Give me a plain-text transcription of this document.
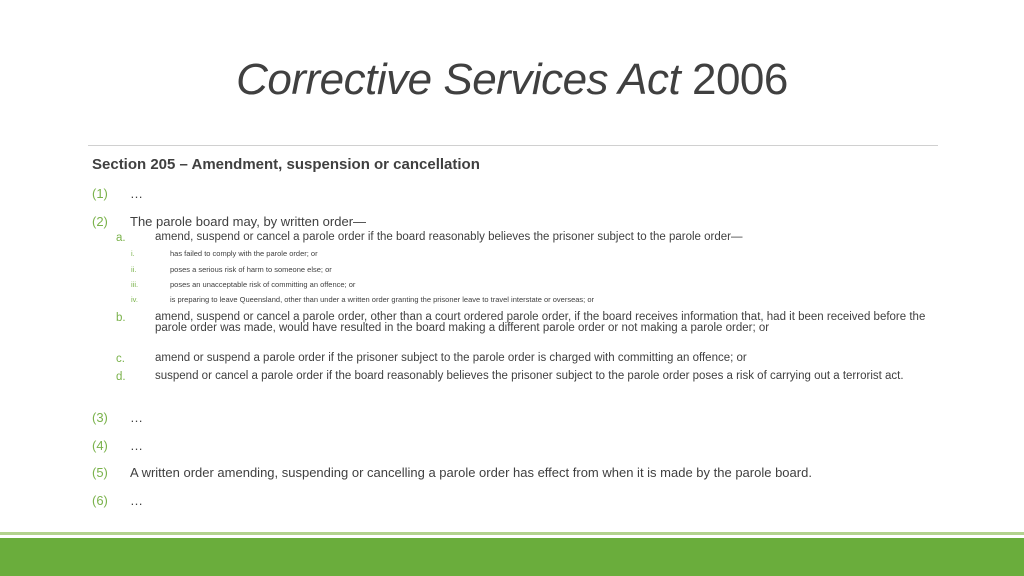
Corrective Services Act 2006
Section 205 – Amendment, suspension or cancellation
(1) …
(2) The parole board may, by written order—
a.	amend, suspend or cancel a parole order if the board reasonably believes the prisoner subject to the parole order—
i.	has failed to comply with the parole order; or
ii.	poses a serious risk of harm to someone else; or
iii.	poses an unacceptable risk of committing an offence; or
iv.	is preparing to leave Queensland, other than under a written order granting the prisoner leave to travel interstate or overseas; or
b.	amend, suspend or cancel a parole order, other than a court ordered parole order, if the board receives information that, had it been received before the parole order was made, would have resulted in the board making a different parole order or not making a parole order; or
c.	amend or suspend a parole order if the prisoner subject to the parole order is charged with committing an offence; or
d.	suspend or cancel a parole order if the board reasonably believes the prisoner subject to the parole order poses a risk of carrying out a terrorist act.
(3) …
(4) …
(5) A written order amending, suspending or cancelling a parole order has effect from when it is made by the parole board.
(6) …
